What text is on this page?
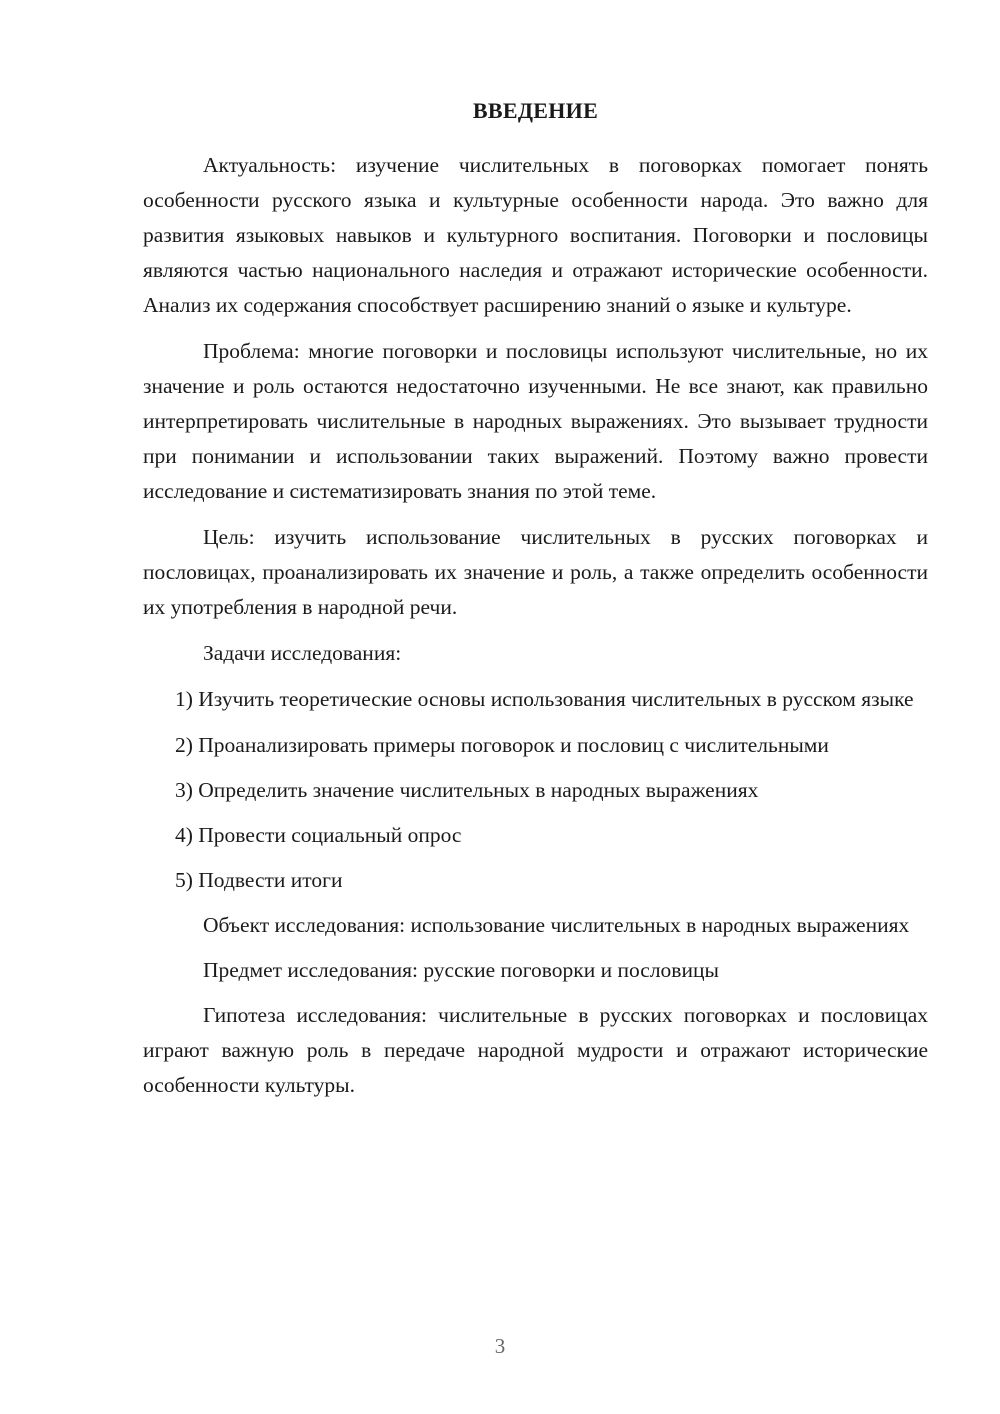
ВВЕДЕНИЕ

Актуальность: изучение числительных в поговорках помогает понять особенности русского языка и культурные особенности народа. Это важно для развития языковых навыков и культурного воспитания. Поговорки и пословицы являются частью национального наследия и отражают исторические особенности. Анализ их содержания способствует расширению знаний о языке и культуре.

Проблема: многие поговорки и пословицы используют числительные, но их значение и роль остаются недостаточно изученными. Не все знают, как правильно интерпретировать числительные в народных выражениях. Это вызывает трудности при понимании и использовании таких выражений. Поэтому важно провести исследование и систематизировать знания по этой теме.

Цель: изучить использование числительных в русских поговорках и пословицах, проанализировать их значение и роль, а также определить особенности их употребления в народной речи.

Задачи исследования:

1) Изучить теоретические основы использования числительных в русском языке

2) Проанализировать примеры поговорок и пословиц с числительными

3) Определить значение числительных в народных выражениях

4) Провести социальный опрос

5) Подвести итоги

Объект исследования: использование числительных в народных выражениях

Предмет исследования: русские поговорки и пословицы

Гипотеза исследования: числительные в русских поговорках и пословицах играют важную роль в передаче народной мудрости и отражают исторические особенности культуры.

3
